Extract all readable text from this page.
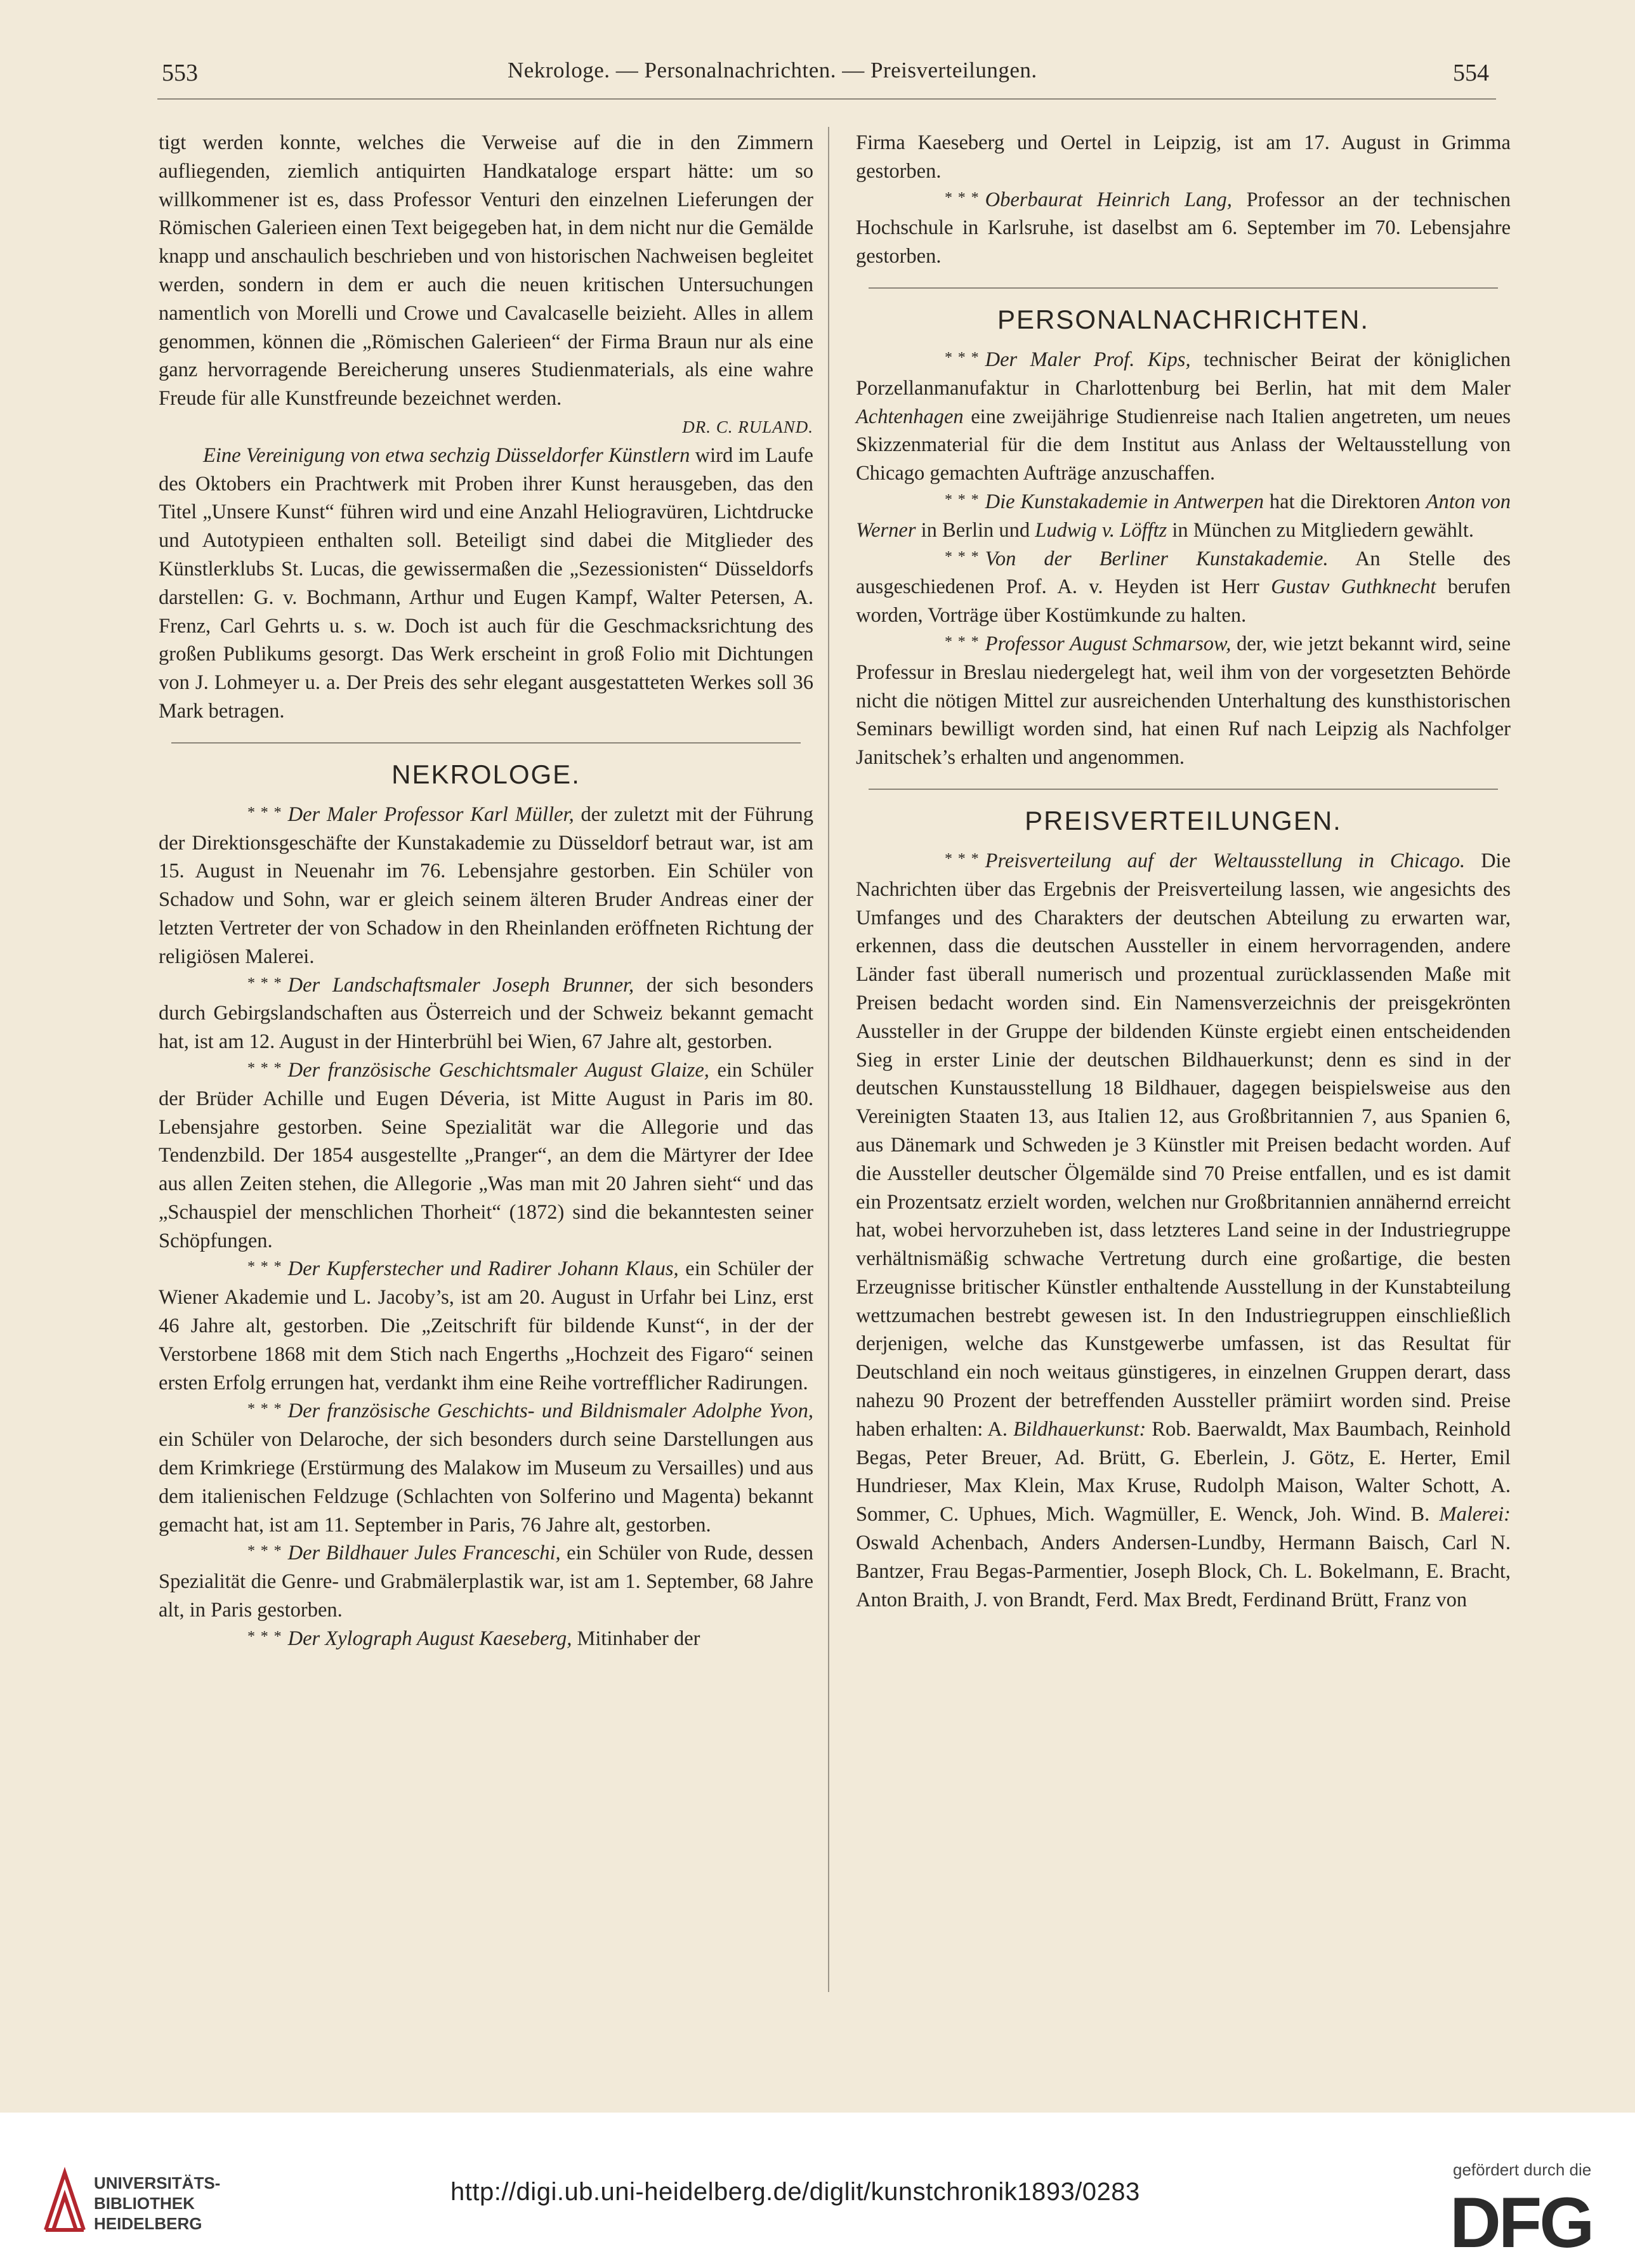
553	Nekrologe. — Personalnachrichten. — Preisverteilungen.	554

tigt werden konnte, welches die Verweise auf die in den Zimmern aufliegenden, ziemlich antiquirten Handkataloge erspart hätte: um so willkommener ist es, dass Professor Venturi den einzelnen Lieferungen der Römischen Galerieen einen Text beigegeben hat, in dem nicht nur die Gemälde knapp und anschaulich beschrieben und von historischen Nachweisen begleitet werden, sondern in dem er auch die neuen kritischen Untersuchungen namentlich von Morelli und Crowe und Cavalcaselle beizieht. Alles in allem genommen, können die „Römischen Galerieen“ der Firma Braun nur als eine ganz hervorragende Bereicherung unseres Studienmaterials, als eine wahre Freude für alle Kunstfreunde bezeichnet werden.

DR. C. RULAND.

Eine Vereinigung von etwa sechzig Düsseldorfer Künstlern wird im Laufe des Oktobers ein Prachtwerk mit Proben ihrer Kunst herausgeben, das den Titel „Unsere Kunst“ führen wird und eine Anzahl Heliogravüren, Lichtdrucke und Autotypieen enthalten soll. Beteiligt sind dabei die Mitglieder des Künstlerklubs St. Lucas, die gewissermaßen die „Sezessionisten“ Düsseldorfs darstellen: G. v. Bochmann, Arthur und Eugen Kampf, Walter Petersen, A. Frenz, Carl Gehrts u. s. w. Doch ist auch für die Geschmacksrichtung des großen Publikums gesorgt. Das Werk erscheint in groß Folio mit Dichtungen von J. Lohmeyer u. a. Der Preis des sehr elegant ausgestatteten Werkes soll 36 Mark betragen.

NEKROLOGE.

* * * Der Maler Professor Karl Müller, der zuletzt mit der Führung der Direktionsgeschäfte der Kunstakademie zu Düsseldorf betraut war, ist am 15. August in Neuenahr im 76. Lebensjahre gestorben. Ein Schüler von Schadow und Sohn, war er gleich seinem älteren Bruder Andreas einer der letzten Vertreter der von Schadow in den Rheinlanden eröffneten Richtung der religiösen Malerei.

* * * Der Landschaftsmaler Joseph Brunner, der sich besonders durch Gebirgslandschaften aus Österreich und der Schweiz bekannt gemacht hat, ist am 12. August in der Hinterbrühl bei Wien, 67 Jahre alt, gestorben.

* * * Der französische Geschichtsmaler August Glaize, ein Schüler der Brüder Achille und Eugen Déveria, ist Mitte August in Paris im 80. Lebensjahre gestorben. Seine Spezialität war die Allegorie und das Tendenzbild. Der 1854 ausgestellte „Pranger“, an dem die Märtyrer der Idee aus allen Zeiten stehen, die Allegorie „Was man mit 20 Jahren sieht“ und das „Schauspiel der menschlichen Thorheit“ (1872) sind die bekanntesten seiner Schöpfungen.

* * * Der Kupferstecher und Radirer Johann Klaus, ein Schüler der Wiener Akademie und L. Jacoby’s, ist am 20. August in Urfahr bei Linz, erst 46 Jahre alt, gestorben. Die „Zeitschrift für bildende Kunst“, in der der Verstorbene 1868 mit dem Stich nach Engerths „Hochzeit des Figaro“ seinen ersten Erfolg errungen hat, verdankt ihm eine Reihe vortrefflicher Radirungen.

* * * Der französische Geschichts- und Bildnismaler Adolphe Yvon, ein Schüler von Delaroche, der sich besonders durch seine Darstellungen aus dem Krimkriege (Erstürmung des Malakow im Museum zu Versailles) und aus dem italienischen Feldzuge (Schlachten von Solferino und Magenta) bekannt gemacht hat, ist am 11. September in Paris, 76 Jahre alt, gestorben.

* * * Der Bildhauer Jules Franceschi, ein Schüler von Rude, dessen Spezialität die Genre- und Grabmälerplastik war, ist am 1. September, 68 Jahre alt, in Paris gestorben.

* * * Der Xylograph August Kaeseberg, Mitinhaber der

Firma Kaeseberg und Oertel in Leipzig, ist am 17. August in Grimma gestorben.

* * * Oberbaurat Heinrich Lang, Professor an der technischen Hochschule in Karlsruhe, ist daselbst am 6. September im 70. Lebensjahre gestorben.

PERSONALNACHRICHTEN.

* * * Der Maler Prof. Kips, technischer Beirat der königlichen Porzellanmanufaktur in Charlottenburg bei Berlin, hat mit dem Maler Achtenhagen eine zweijährige Studienreise nach Italien angetreten, um neues Skizzenmaterial für die dem Institut aus Anlass der Weltausstellung von Chicago gemachten Aufträge anzuschaffen.

* * * Die Kunstakademie in Antwerpen hat die Direktoren Anton von Werner in Berlin und Ludwig v. Löfftz in München zu Mitgliedern gewählt.

* * * Von der Berliner Kunstakademie. An Stelle des ausgeschiedenen Prof. A. v. Heyden ist Herr Gustav Guthknecht berufen worden, Vorträge über Kostümkunde zu halten.

* * * Professor August Schmarsow, der, wie jetzt bekannt wird, seine Professur in Breslau niedergelegt hat, weil ihm von der vorgesetzten Behörde nicht die nötigen Mittel zur ausreichenden Unterhaltung des kunsthistorischen Seminars bewilligt worden sind, hat einen Ruf nach Leipzig als Nachfolger Janitschek’s erhalten und angenommen.

PREISVERTEILUNGEN.

* * * Preisverteilung auf der Weltausstellung in Chicago. Die Nachrichten über das Ergebnis der Preisverteilung lassen, wie angesichts des Umfanges und des Charakters der deutschen Abteilung zu erwarten war, erkennen, dass die deutschen Aussteller in einem hervorragenden, andere Länder fast überall numerisch und prozentual zurücklassenden Maße mit Preisen bedacht worden sind. Ein Namensverzeichnis der preisgekrönten Aussteller in der Gruppe der bildenden Künste ergiebt einen entscheidenden Sieg in erster Linie der deutschen Bildhauerkunst; denn es sind in der deutschen Kunstausstellung 18 Bildhauer, dagegen beispielsweise aus den Vereinigten Staaten 13, aus Italien 12, aus Großbritannien 7, aus Spanien 6, aus Dänemark und Schweden je 3 Künstler mit Preisen bedacht worden. Auf die Aussteller deutscher Ölgemälde sind 70 Preise entfallen, und es ist damit ein Prozentsatz erzielt worden, welchen nur Großbritannien annähernd erreicht hat, wobei hervorzuheben ist, dass letzteres Land seine in der Industriegruppe verhältnismäßig schwache Vertretung durch eine großartige, die besten Erzeugnisse britischer Künstler enthaltende Ausstellung in der Kunstabteilung wettzumachen bestrebt gewesen ist. In den Industriegruppen einschließlich derjenigen, welche das Kunstgewerbe umfassen, ist das Resultat für Deutschland ein noch weitaus günstigeres, in einzelnen Gruppen derart, dass nahezu 90 Prozent der betreffenden Aussteller prämiirt worden sind. Preise haben erhalten: A. Bildhauerkunst: Rob. Baerwaldt, Max Baumbach, Reinhold Begas, Peter Breuer, Ad. Brütt, G. Eberlein, J. Götz, E. Herter, Emil Hundrieser, Max Klein, Max Kruse, Rudolph Maison, Walter Schott, A. Sommer, C. Uphues, Mich. Wagmüller, E. Wenck, Joh. Wind. B. Malerei: Oswald Achenbach, Anders Andersen-Lundby, Hermann Baisch, Carl N. Bantzer, Frau Begas-Parmentier, Joseph Block, Ch. L. Bokelmann, E. Bracht, Anton Braith, J. von Brandt, Ferd. Max Bredt, Ferdinand Brütt, Franz von

UNIVERSITÄTS-
BIBLIOTHEK
HEIDELBERG
http://digi.ub.uni-heidelberg.de/diglit/kunstchronik1893/0283
gefördert durch die
DFG
